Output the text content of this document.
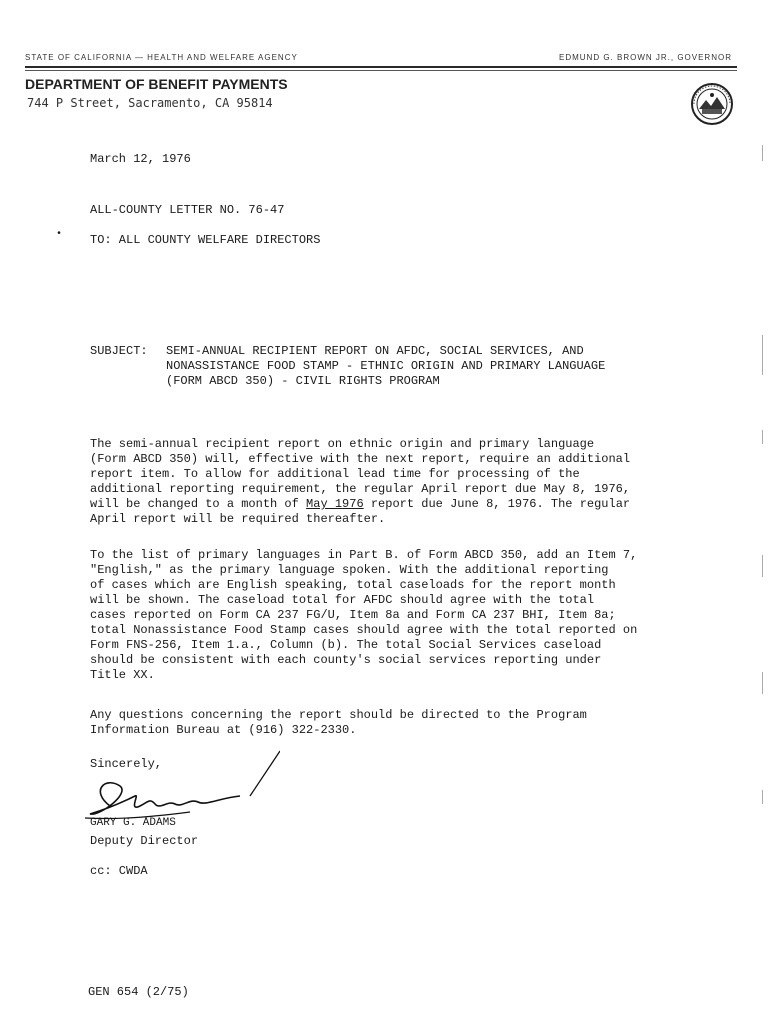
STATE OF CALIFORNIA — HEALTH AND WELFARE AGENCY	EDMUND G. BROWN JR., GOVERNOR
DEPARTMENT OF BENEFIT PAYMENTS
744 P Street, Sacramento, CA 95814
March 12, 1976
ALL-COUNTY LETTER NO. 76-47
• TO: ALL COUNTY WELFARE DIRECTORS
SUBJECT: SEMI-ANNUAL RECIPIENT REPORT ON AFDC, SOCIAL SERVICES, AND
NONASSISTANCE FOOD STAMP - ETHNIC ORIGIN AND PRIMARY LANGUAGE
(FORM ABCD 350) - CIVIL RIGHTS PROGRAM
The semi-annual recipient report on ethnic origin and primary language
(Form ABCD 350) will, effective with the next report, require an additional
report item. To allow for additional lead time for processing of the
additional reporting requirement, the regular April report due May 8, 1976,
will be changed to a month of May 1976 report due June 8, 1976. The regular
April report will be required thereafter.
To the list of primary languages in Part B. of Form ABCD 350, add an Item 7,
"English," as the primary language spoken. With the additional reporting
of cases which are English speaking, total caseloads for the report month
will be shown. The caseload total for AFDC should agree with the total
cases reported on Form CA 237 FG/U, Item 8a and Form CA 237 BHI, Item 8a;
total Nonassistance Food Stamp cases should agree with the total reported on
Form FNS-256, Item 1.a., Column (b). The total Social Services caseload
should be consistent with each county's social services reporting under
Title XX.
Any questions concerning the report should be directed to the Program
Information Bureau at (916) 322-2330.
Sincerely,
GARY G. ADAMS
Deputy Director
cc: CWDA
GEN 654 (2/75)
